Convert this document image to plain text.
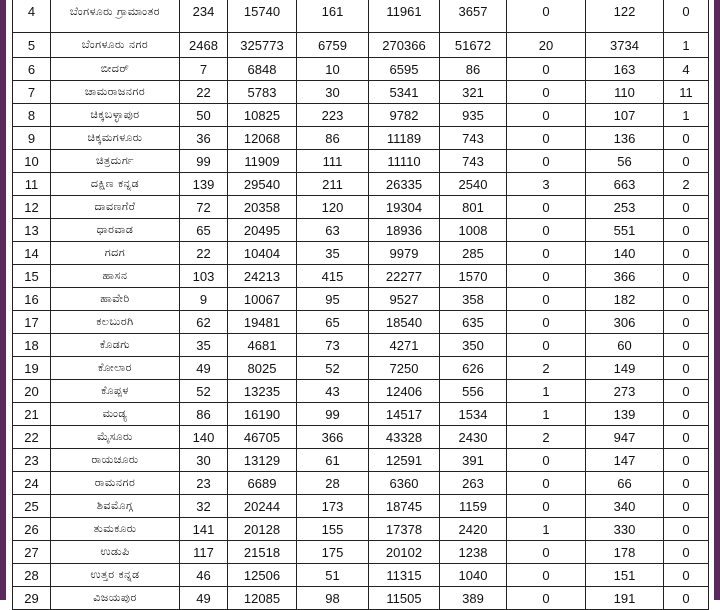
4	ಬೆಂಗಳೂರು ಗ್ರಾಮಾಂತರ	234	15740	161	11961	3657	0	122	0
5	ಬೆಂಗಳೂರು ನಗರ	2468	325773	6759	270366	51672	20	3734	1
6	ಬೀದರ್	7	6848	10	6595	86	0	163	4
7	ಚಾಮರಾಜನಗರ	22	5783	30	5341	321	0	110	11
8	ಚಿಕ್ಕಬಳ್ಳಾಪುರ	50	10825	223	9782	935	0	107	1
9	ಚಿಕ್ಕಮಗಳೂರು	36	12068	86	11189	743	0	136	0
10	ಚಿತ್ರದುರ್ಗ	99	11909	111	11110	743	0	56	0
11	ದಕ್ಷಿಣ ಕನ್ನಡ	139	29540	211	26335	2540	3	663	2
12	ದಾವಣಗೆರೆ	72	20358	120	19304	801	0	253	0
13	ಧಾರವಾಡ	65	20495	63	18936	1008	0	551	0
14	ಗದಗ	22	10404	35	9979	285	0	140	0
15	ಹಾಸನ	103	24213	415	22277	1570	0	366	0
16	ಹಾವೇರಿ	9	10067	95	9527	358	0	182	0
17	ಕಲಬುರಗಿ	62	19481	65	18540	635	0	306	0
18	ಕೊಡಗು	35	4681	73	4271	350	0	60	0
19	ಕೋಲಾರ	49	8025	52	7250	626	2	149	0
20	ಕೊಪ್ಪಳ	52	13235	43	12406	556	1	273	0
21	ಮಂಡ್ಯ	86	16190	99	14517	1534	1	139	0
22	ಮೈಸೂರು	140	46705	366	43328	2430	2	947	0
23	ರಾಯಚೂರು	30	13129	61	12591	391	0	147	0
24	ರಾಮನಗರ	23	6689	28	6360	263	0	66	0
25	ಶಿವಮೊಗ್ಗ	32	20244	173	18745	1159	0	340	0
26	ತುಮಕೂರು	141	20128	155	17378	2420	1	330	0
27	ಉಡುಪಿ	117	21518	175	20102	1238	0	178	0
28	ಉತ್ತರ ಕನ್ನಡ	46	12506	51	11315	1040	0	151	0
29	ವಿಜಯಪುರ	49	12085	98	11505	389	0	191	0
